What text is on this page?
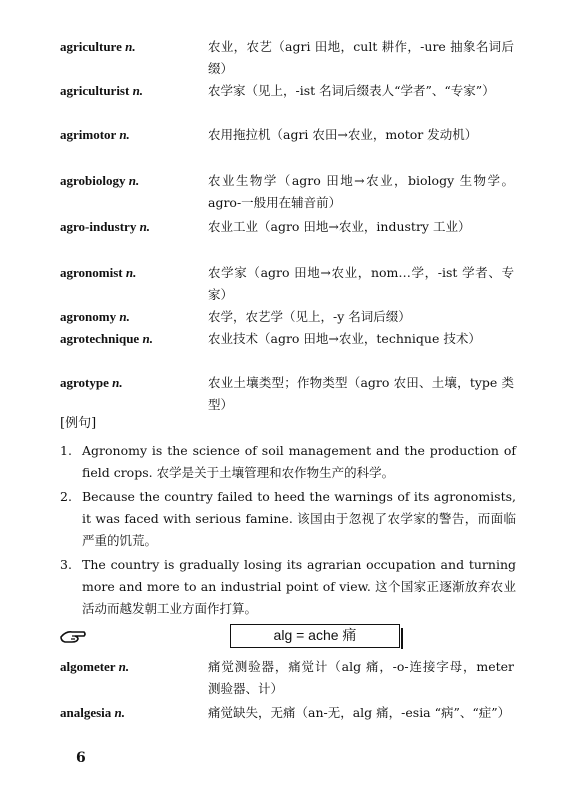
agriculture n.	农业，农艺（agri 田地，cult 耕作，-ure 抽象名词后缀）
agriculturist n.	农学家（见上，-ist 名词后缀表人“学者”、“专家”）
agrimotor n.	农用拖拉机（agri 农田→农业，motor 发动机）
agrobiology n.	农业生物学（agro 田地→农业，biology 生物学。agro-一般用在辅音前）
agro-industry n.	农业工业（agro 田地→农业，industry 工业）
agronomist n.	农学家（agro 田地→农业，nom…学，-ist 学者、专家）
agronomy n.	农学，农艺学（见上，-y 名词后缀）
agrotechnique n.	农业技术（agro 田地→农业，technique 技术）
agrotype n.	农业土壤类型；作物类型（agro 农田、土壤，type 类型）
[例句]
1. Agronomy is the science of soil management and the production of field crops. 农学是关于土壤管理和农作物生产的科学。
2. Because the country failed to heed the warnings of its agronomists, it was faced with serious famine. 该国由于忽视了农学家的警告，而面临严重的饥荒。
3. The country is gradually losing its agrarian occupation and turning more and more to an industrial point of view. 这个国家正逐渐放弃农业活动而越发朝工业方面作打算。
alg = ache 痛
algometer n.	痛觉测验器，痛觉计（alg 痛，-o-连接字母，meter 测验器、计）
analgesia n.	痛觉缺失，无痛（an-无，alg 痛，-esia “病”、“症”）
6
